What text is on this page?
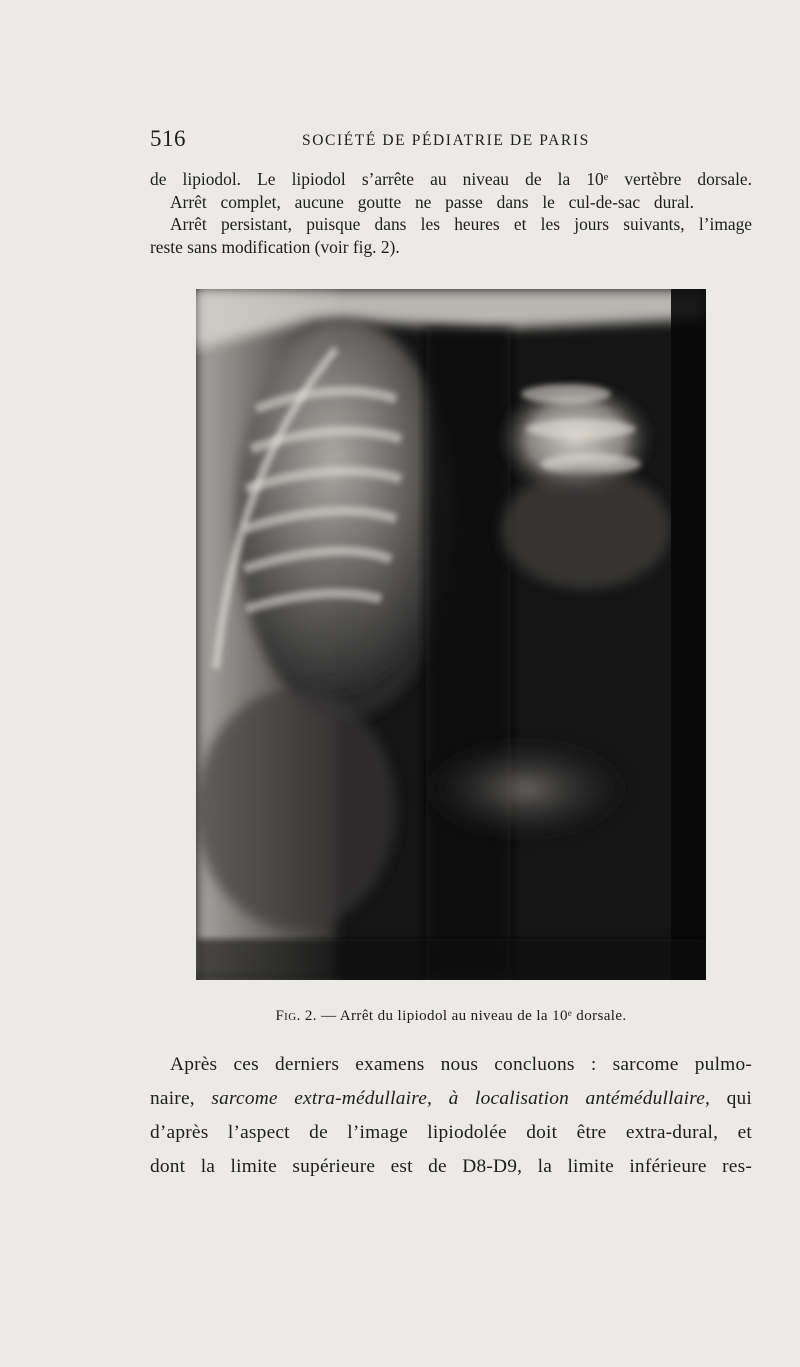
516	SOCIÉTÉ DE PÉDIATRIE DE PARIS

de lipiodol. Le lipiodol s’arrête au niveau de la 10ᵉ vertèbre dorsale.
Arrêt complet, aucune goutte ne passe dans le cul-de-sac dural.
Arrêt persistant, puisque dans les heures et les jours suivants, l’image
reste sans modification (voir fig. 2).

Fig. 2. — Arrêt du lipiodol au niveau de la 10ᵉ dorsale.

Après ces derniers examens nous concluons : sarcome pulmo-
naire, sarcome extra-médullaire, à localisation antémédullaire, qui
d’après l’aspect de l’image lipiodolée doit être extra-dural, et
dont la limite supérieure est de D8-D9, la limite inférieure res-
